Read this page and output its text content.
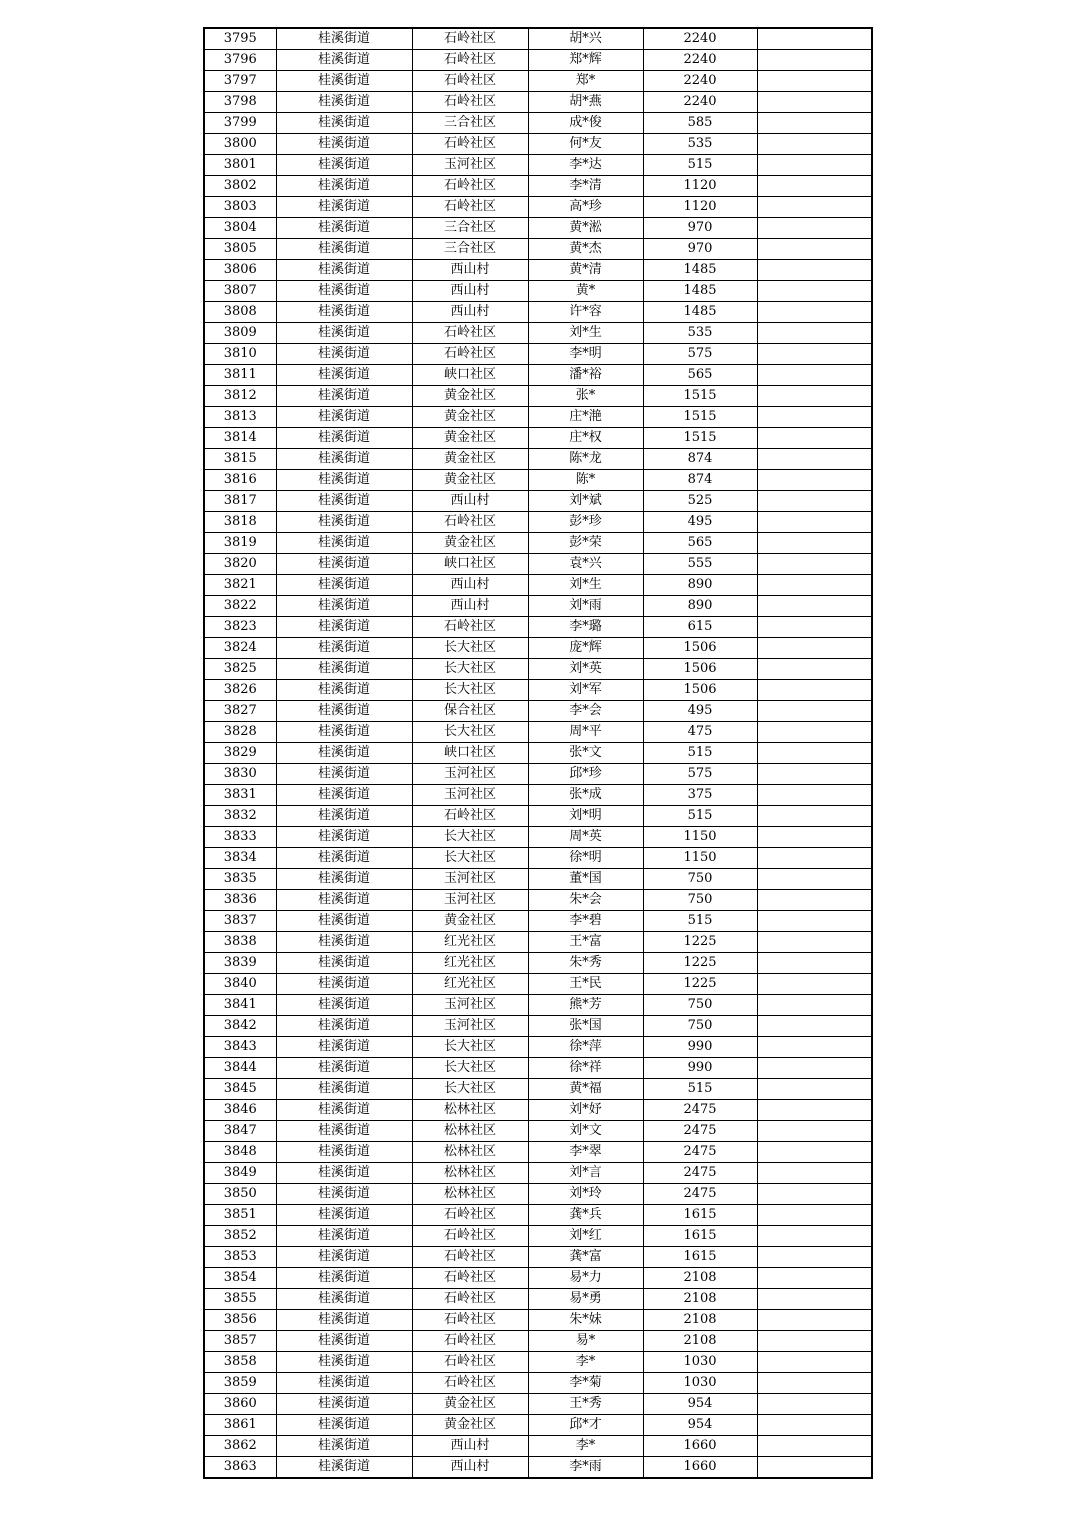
3795	桂溪街道	石岭社区	胡*兴	2240	
3796	桂溪街道	石岭社区	郑*辉	2240	
3797	桂溪街道	石岭社区	郑*	2240	
3798	桂溪街道	石岭社区	胡*燕	2240	
3799	桂溪街道	三合社区	成*俊	585	
3800	桂溪街道	石岭社区	何*友	535	
3801	桂溪街道	玉河社区	李*达	515	
3802	桂溪街道	石岭社区	李*清	1120	
3803	桂溪街道	石岭社区	高*珍	1120	
3804	桂溪街道	三合社区	黄*淞	970	
3805	桂溪街道	三合社区	黄*杰	970	
3806	桂溪街道	西山村	黄*清	1485	
3807	桂溪街道	西山村	黄*	1485	
3808	桂溪街道	西山村	许*容	1485	
3809	桂溪街道	石岭社区	刘*生	535	
3810	桂溪街道	石岭社区	李*明	575	
3811	桂溪街道	峡口社区	潘*裕	565	
3812	桂溪街道	黄金社区	张*	1515	
3813	桂溪街道	黄金社区	庄*滟	1515	
3814	桂溪街道	黄金社区	庄*权	1515	
3815	桂溪街道	黄金社区	陈*龙	874	
3816	桂溪街道	黄金社区	陈*	874	
3817	桂溪街道	西山村	刘*斌	525	
3818	桂溪街道	石岭社区	彭*珍	495	
3819	桂溪街道	黄金社区	彭*荣	565	
3820	桂溪街道	峡口社区	袁*兴	555	
3821	桂溪街道	西山村	刘*生	890	
3822	桂溪街道	西山村	刘*雨	890	
3823	桂溪街道	石岭社区	李*璐	615	
3824	桂溪街道	长大社区	庞*辉	1506	
3825	桂溪街道	长大社区	刘*英	1506	
3826	桂溪街道	长大社区	刘*军	1506	
3827	桂溪街道	保合社区	李*会	495	
3828	桂溪街道	长大社区	周*平	475	
3829	桂溪街道	峡口社区	张*文	515	
3830	桂溪街道	玉河社区	邱*珍	575	
3831	桂溪街道	玉河社区	张*成	375	
3832	桂溪街道	石岭社区	刘*明	515	
3833	桂溪街道	长大社区	周*英	1150	
3834	桂溪街道	长大社区	徐*明	1150	
3835	桂溪街道	玉河社区	董*国	750	
3836	桂溪街道	玉河社区	朱*会	750	
3837	桂溪街道	黄金社区	李*碧	515	
3838	桂溪街道	红光社区	王*富	1225	
3839	桂溪街道	红光社区	朱*秀	1225	
3840	桂溪街道	红光社区	王*民	1225	
3841	桂溪街道	玉河社区	熊*芳	750	
3842	桂溪街道	玉河社区	张*国	750	
3843	桂溪街道	长大社区	徐*萍	990	
3844	桂溪街道	长大社区	徐*祥	990	
3845	桂溪街道	长大社区	黄*福	515	
3846	桂溪街道	松林社区	刘*妤	2475	
3847	桂溪街道	松林社区	刘*文	2475	
3848	桂溪街道	松林社区	李*翠	2475	
3849	桂溪街道	松林社区	刘*言	2475	
3850	桂溪街道	松林社区	刘*玲	2475	
3851	桂溪街道	石岭社区	龚*兵	1615	
3852	桂溪街道	石岭社区	刘*红	1615	
3853	桂溪街道	石岭社区	龚*富	1615	
3854	桂溪街道	石岭社区	易*力	2108	
3855	桂溪街道	石岭社区	易*勇	2108	
3856	桂溪街道	石岭社区	朱*妹	2108	
3857	桂溪街道	石岭社区	易*	2108	
3858	桂溪街道	石岭社区	李*	1030	
3859	桂溪街道	石岭社区	李*菊	1030	
3860	桂溪街道	黄金社区	王*秀	954	
3861	桂溪街道	黄金社区	邱*才	954	
3862	桂溪街道	西山村	李*	1660	
3863	桂溪街道	西山村	李*雨	1660	
